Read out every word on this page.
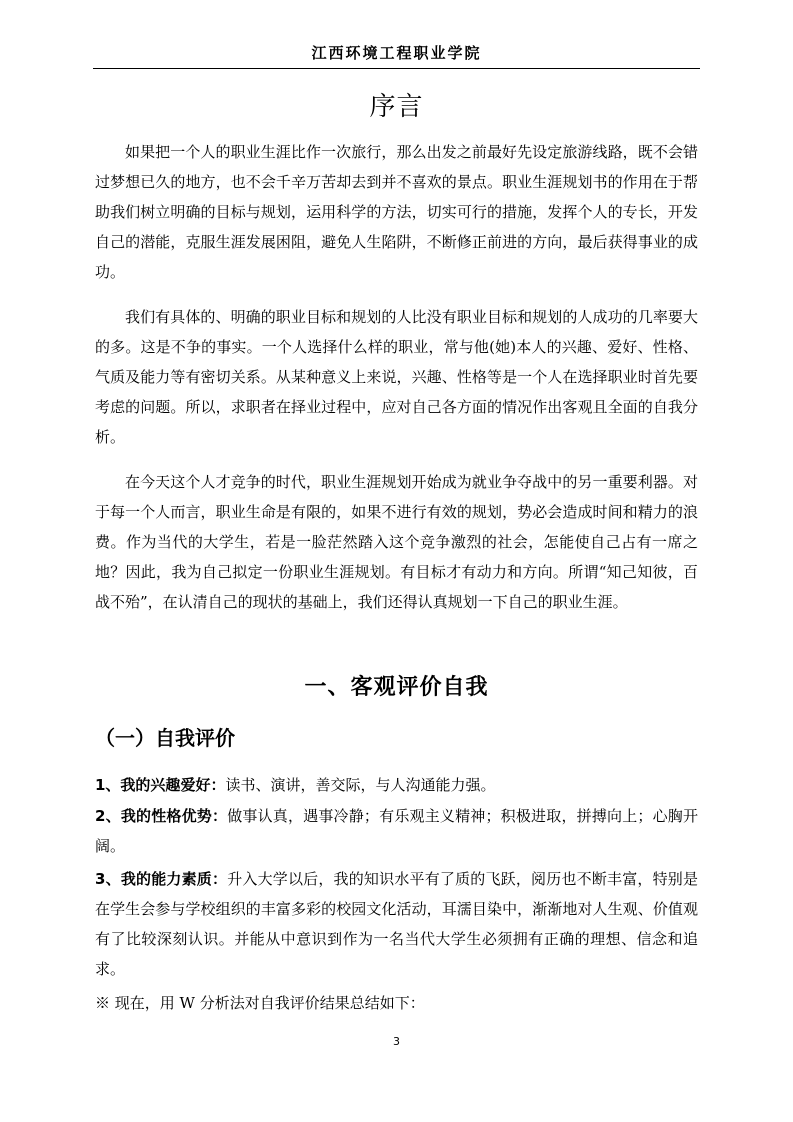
江西环境工程职业学院
序言

如果把一个人的职业生涯比作一次旅行，那么出发之前最好先设定旅游线路，既不会错过梦想已久的地方，也不会千辛万苦却去到并不喜欢的景点。职业生涯规划书的作用在于帮助我们树立明确的目标与规划，运用科学的方法，切实可行的措施，发挥个人的专长，开发自己的潜能，克服生涯发展困阻，避免人生陷阱，不断修正前进的方向，最后获得事业的成功。

我们有具体的、明确的职业目标和规划的人比没有职业目标和规划的人成功的几率要大的多。这是不争的事实。一个人选择什么样的职业，常与他(她)本人的兴趣、爱好、性格、气质及能力等有密切关系。从某种意义上来说，兴趣、性格等是一个人在选择职业时首先要考虑的问题。所以，求职者在择业过程中，应对自己各方面的情况作出客观且全面的自我分析。

在今天这个人才竞争的时代，职业生涯规划开始成为就业争夺战中的另一重要利器。对于每一个人而言，职业生命是有限的，如果不进行有效的规划，势必会造成时间和精力的浪费。作为当代的大学生，若是一脸茫然踏入这个竞争激烈的社会，怎能使自己占有一席之地？因此，我为自己拟定一份职业生涯规划。有目标才有动力和方向。所谓“知己知彼，百战不殆”，在认清自己的现状的基础上，我们还得认真规划一下自己的职业生涯。

一、客观评价自我
（一）自我评价

1、我的兴趣爱好：读书、演讲，善交际，与人沟通能力强。

2、我的性格优势：做事认真，遇事冷静；有乐观主义精神；积极进取，拼搏向上；心胸开阔。

3、我的能力素质：升入大学以后，我的知识水平有了质的飞跃，阅历也不断丰富，特别是在学生会参与学校组织的丰富多彩的校园文化活动，耳濡目染中，渐渐地对人生观、价值观有了比较深刻认识。并能从中意识到作为一名当代大学生必须拥有正确的理想、信念和追求。

※ 现在，用 W 分析法对自我评价结果总结如下：

3
